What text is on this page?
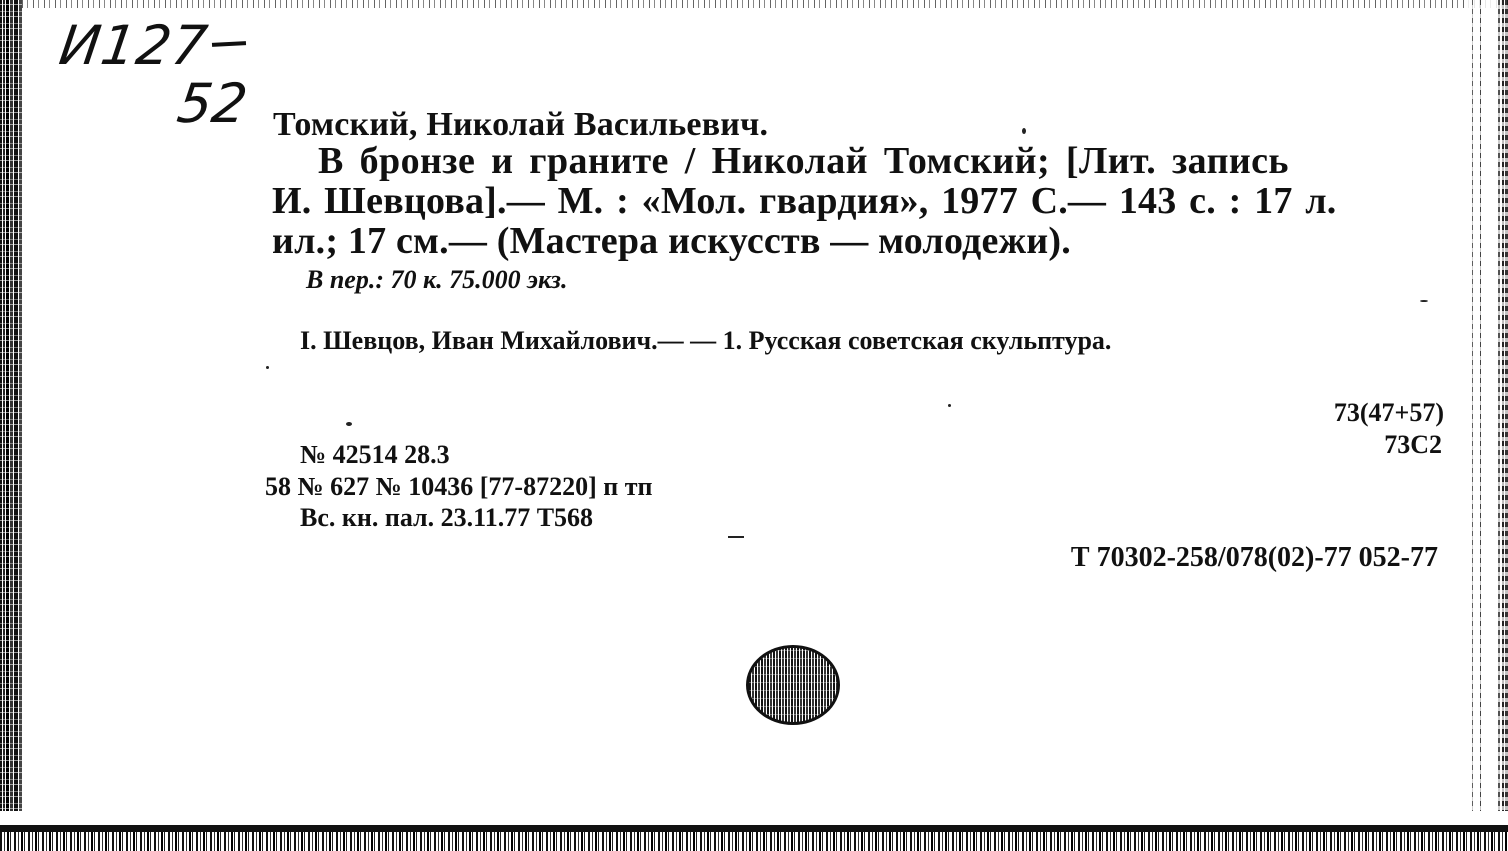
И127
52 Томский, Николай Васильевич.
В бронзе и граните / Николай Томский; [Лит. запись
И. Шевцова].— М. : «Мол. гвардия», 1977 С.— 143 с. : 17 л.
ил.; 17 см.— (Мастера искусств — молодежи).
В пер.: 70 к. 75.000 экз.
I. Шевцов, Иван Михайлович.— — 1. Русская советская скульптура.
73(47+57)
73С2
№ 42514 28.3
58 № 627 № 10436 [77-87220] п тп
Вс. кн. пал. 23.11.77 Т568
Т 70302-258/078(02)-77 052-77
